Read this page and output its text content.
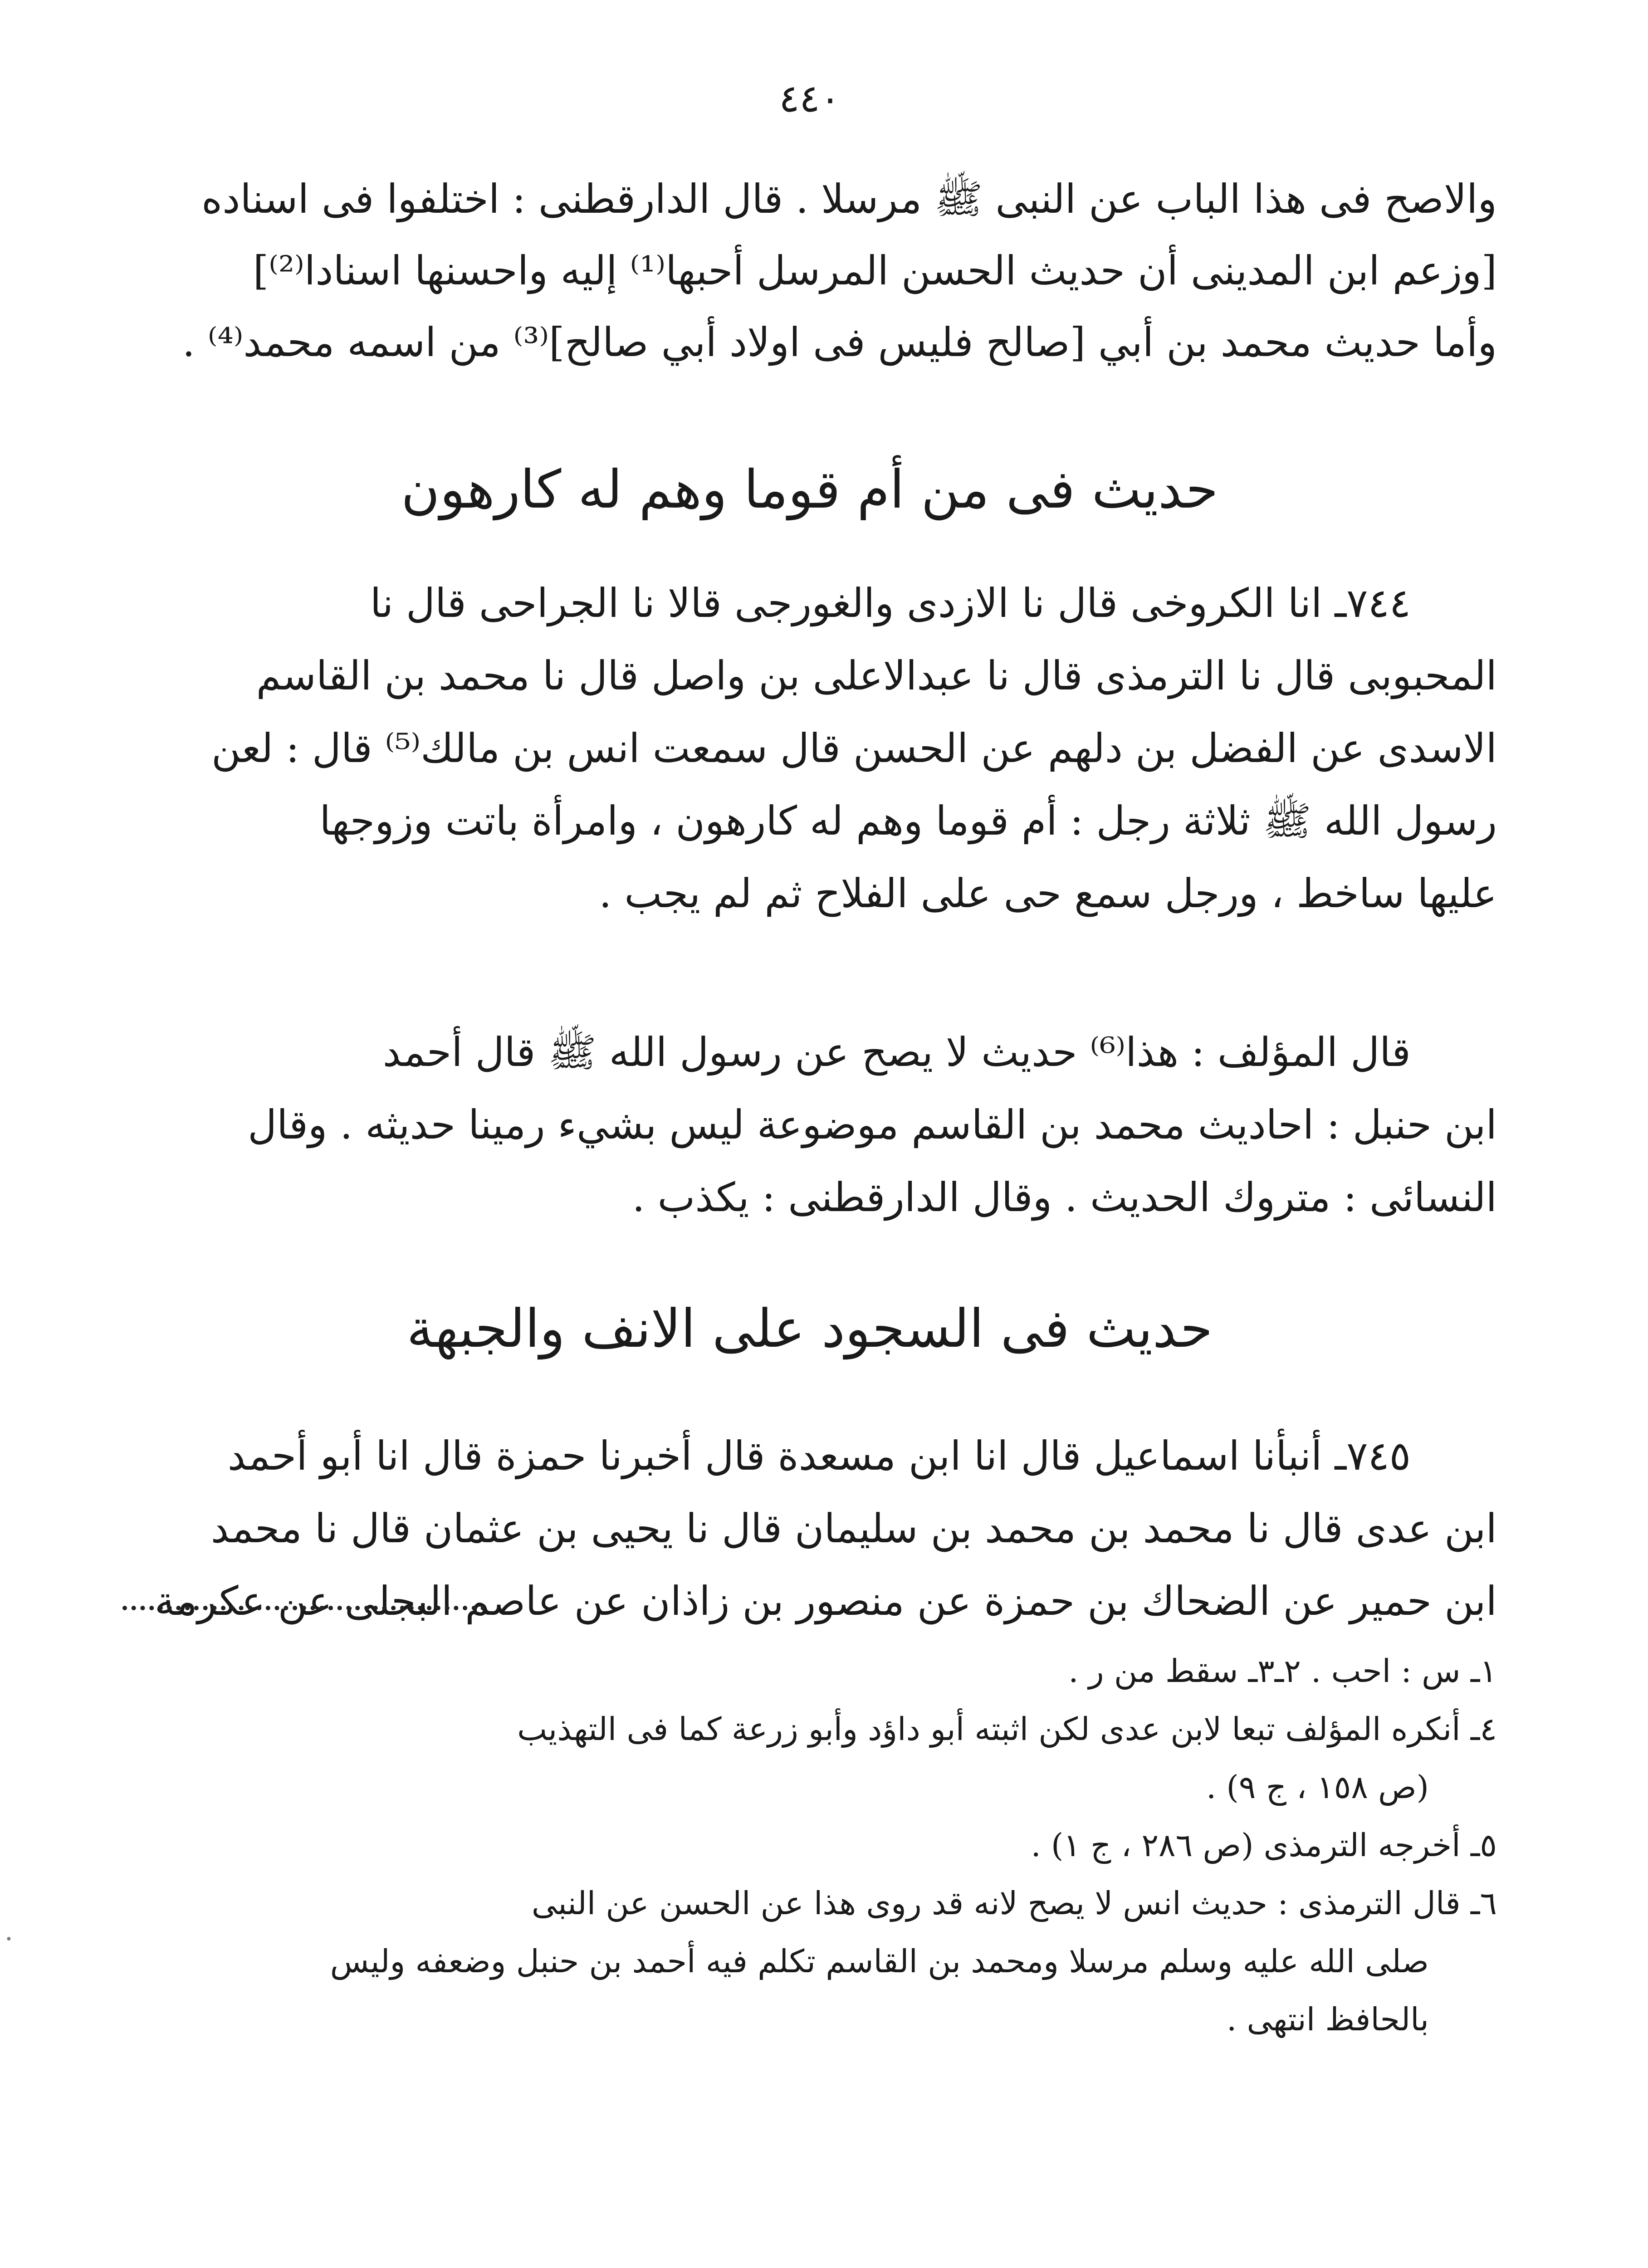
٤٤٠
والاصح فى هذا الباب عن النبى ﷺ مرسلا . قال الدارقطنى : اختلفوا فى اسناده
[وزعم ابن المدينى أن حديث الحسن المرسل أحبها⁽¹⁾ إليه واحسنها اسنادا⁽²⁾]
وأما حديث محمد بن أبي [صالح فليس فى اولاد أبي صالح]⁽³⁾ من اسمه محمد⁽⁴⁾ .
حديث فى من أم قوما وهم له كارهون
٧٤٤ـ انا الكروخى قال نا الازدى والغورجى قالا نا الجراحى قال نا
المحبوبى قال نا الترمذى قال نا عبدالاعلى بن واصل قال نا محمد بن القاسم
الاسدى عن الفضل بن دلهم عن الحسن قال سمعت انس بن مالك⁽⁵⁾ قال : لعن
رسول الله ﷺ ثلاثة رجل : أم قوما وهم له كارهون ، وامرأة باتت وزوجها
عليها ساخط ، ورجل سمع حى على الفلاح ثم لم يجب .
قال المؤلف : هذا⁽⁶⁾ حديث لا يصح عن رسول الله ﷺ قال أحمد
ابن حنبل : احاديث محمد بن القاسم موضوعة ليس بشيء رمينا حديثه . وقال
النسائى : متروك الحديث . وقال الدارقطنى : يكذب .
حديث فى السجود على الانف والجبهة
٧٤٥ـ أنبأنا اسماعيل قال انا ابن مسعدة قال أخبرنا حمزة قال انا أبو أحمد
ابن عدى قال نا محمد بن محمد بن سليمان قال نا يحيى بن عثمان قال نا محمد
ابن حمير عن الضحاك بن حمزة عن منصور بن زاذان عن عاصم البجلى عن عكرمة
١ـ س : احب . ٢ـ٣ـ سقط من ر .
٤ـ أنكره المؤلف تبعا لابن عدى لكن اثبته أبو داؤد وأبو زرعة كما فى التهذيب
(ص ١٥٨ ، ج ٩) .
٥ـ أخرجه الترمذى (ص ٢٨٦ ، ج ١) .
٦ـ قال الترمذى : حديث انس لا يصح لانه قد روى هذا عن الحسن عن النبى
صلى الله عليه وسلم مرسلا ومحمد بن القاسم تكلم فيه أحمد بن حنبل وضعفه وليس
بالحافظ انتهى .
·
